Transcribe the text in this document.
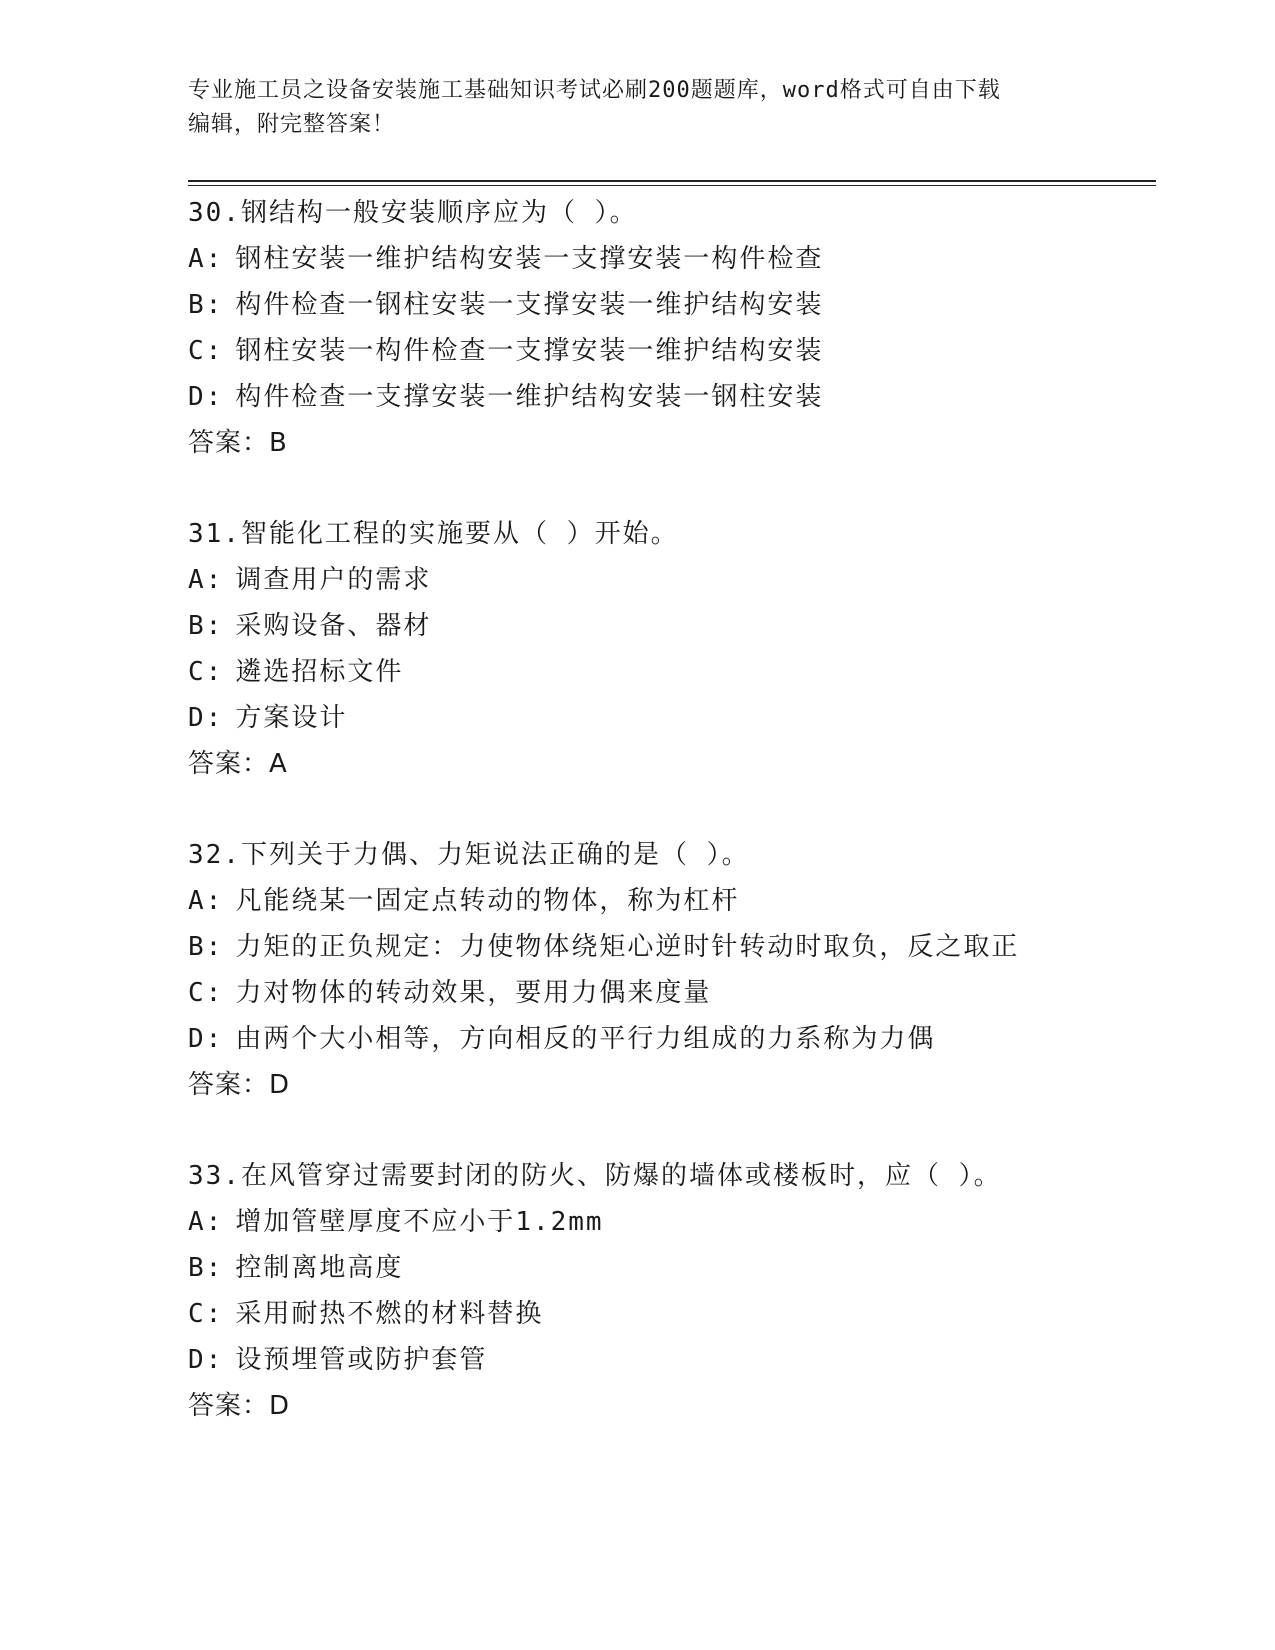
专业施工员之设备安装施工基础知识考试必刷200题题库，word格式可自由下载
编辑，附完整答案！
30.钢结构一般安装顺序应为（ ）。
A: 钢柱安装一维护结构安装一支撑安装一构件检查
B: 构件检查一钢柱安装一支撑安装一维护结构安装
C: 钢柱安装一构件检查一支撑安装一维护结构安装
D: 构件检查一支撑安装一维护结构安装一钢柱安装
答案：B
31.智能化工程的实施要从（ ）开始。
A: 调查用户的需求
B: 采购设备、器材
C: 遴选招标文件
D: 方案设计
答案：A
32.下列关于力偶、力矩说法正确的是（ ）。
A: 凡能绕某一固定点转动的物体，称为杠杆
B: 力矩的正负规定：力使物体绕矩心逆时针转动时取负，反之取正
C: 力对物体的转动效果，要用力偶来度量
D: 由两个大小相等，方向相反的平行力组成的力系称为力偶
答案：D
33.在风管穿过需要封闭的防火、防爆的墙体或楼板时，应（ ）。
A: 增加管壁厚度不应小于1.2mm
B: 控制离地高度
C: 采用耐热不燃的材料替换
D: 设预埋管或防护套管
答案：D
